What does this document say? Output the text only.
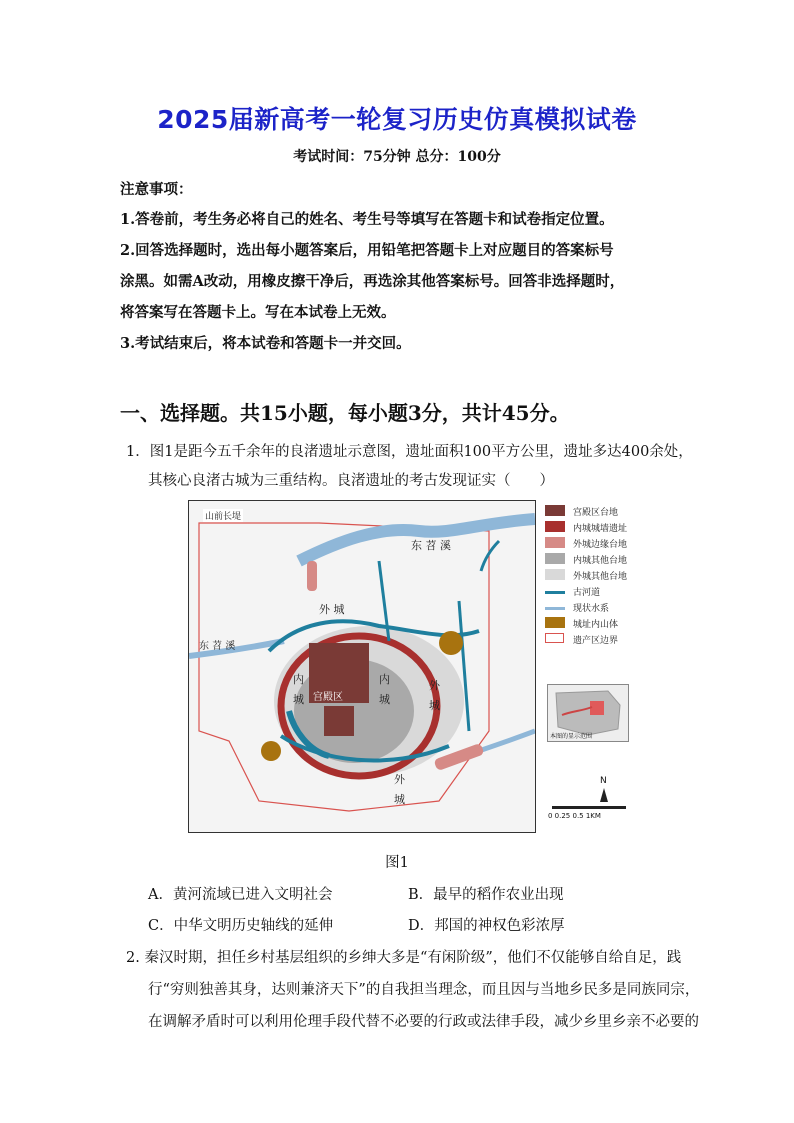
2025届新高考一轮复习历史仿真模拟试卷
考试时间：75分钟 总分：100分
注意事项：
1.答卷前，考生务必将自己的姓名、考生号等填写在答题卡和试卷指定位置。
2.回答选择题时，选出每小题答案后，用铅笔把答题卡上对应题目的答案标号
涂黑。如需A改动，用橡皮擦干净后，再选涂其他答案标号。回答非选择题时，
将答案写在答题卡上。写在本试卷上无效。
3.考试结束后，将本试卷和答题卡一并交回。
一、选择题。共15小题，每小题3分，共计45分。
1．图1是距今五千余年的良渚遗址示意图，遗址面积100平方公里，遗址多达400余处，
其核心良渚古城为三重结构。良渚遗址的考古发现证实（　　）
山前长堤
东 苕 溪
东 苕 溪
外 城
外
城
外
城
内
城
内
城
宫殿区
宫殿区台地
内城城墙遗址
外城边缘台地
内城其他台地
外城其他台地
古河道
现状水系
城址内山体
遗产区边界
本图的显示范围
N
0 0.25 0.5 1KM
图1
A．黄河流域已进入文明社会	B．最早的稻作农业出现
C．中华文明历史轴线的延伸	D．邦国的神权色彩浓厚
2. 秦汉时期，担任乡村基层组织的乡绅大多是“有闲阶级”，他们不仅能够自给自足，践
行“穷则独善其身，达则兼济天下”的自我担当理念，而且因与当地乡民多是同族同宗，
在调解矛盾时可以利用伦理手段代替不必要的行政或法律手段，减少乡里乡亲不必要的
